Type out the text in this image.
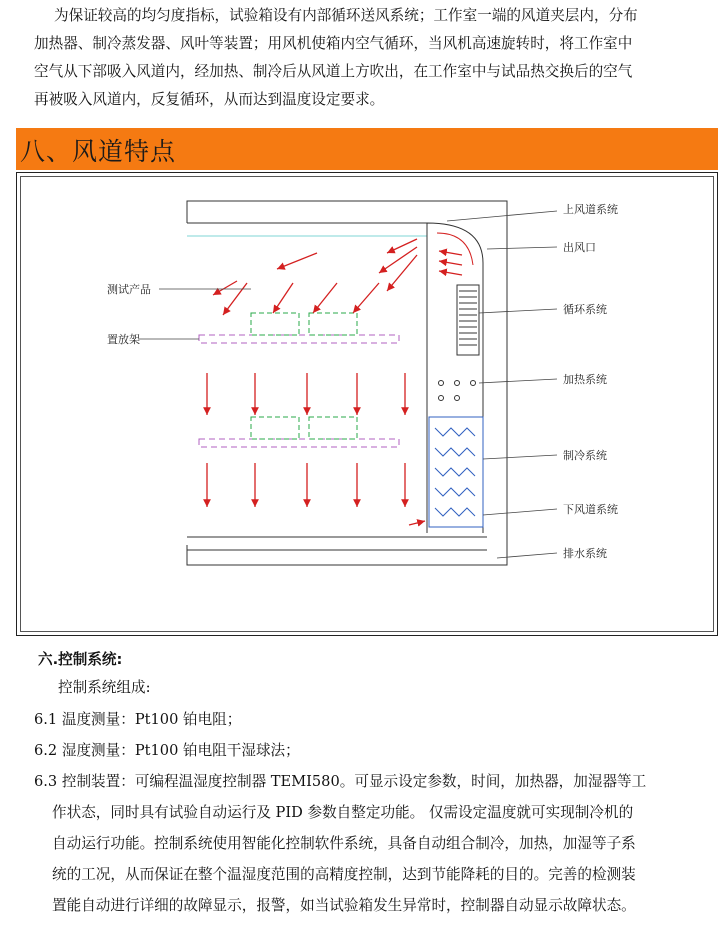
为保证较高的均匀度指标，试验箱设有内部循环送风系统；工作室一端的风道夹层内，分布
加热器、制冷蒸发器、风叶等装置；用风机使箱内空气循环，当风机高速旋转时，将工作室中
空气从下部吸入风道内，经加热、制冷后从风道上方吹出，在工作室中与试品热交换后的空气
再被吸入风道内，反复循环，从而达到温度设定要求。
八、风道特点
上风道系统
出风口
循环系统
加热系统
制冷系统
下风道系统
排水系统
测试产品
置放架
六.控制系统:
控制系统组成:
6.1 温度测量：Pt100 铂电阻；
6.2 湿度测量：Pt100 铂电阻干湿球法；
6.3 控制装置：可编程温湿度控制器 TEMI580。可显示设定参数，时间，加热器，加湿器等工
作状态，同时具有试验自动运行及 PID 参数自整定功能。 仅需设定温度就可实现制冷机的
自动运行功能。控制系统使用智能化控制软件系统，具备自动组合制冷，加热，加湿等子系
统的工况，从而保证在整个温湿度范围的高精度控制，达到节能降耗的目的。完善的检测装
置能自动进行详细的故障显示，报警，如当试验箱发生异常时，控制器自动显示故障状态。
